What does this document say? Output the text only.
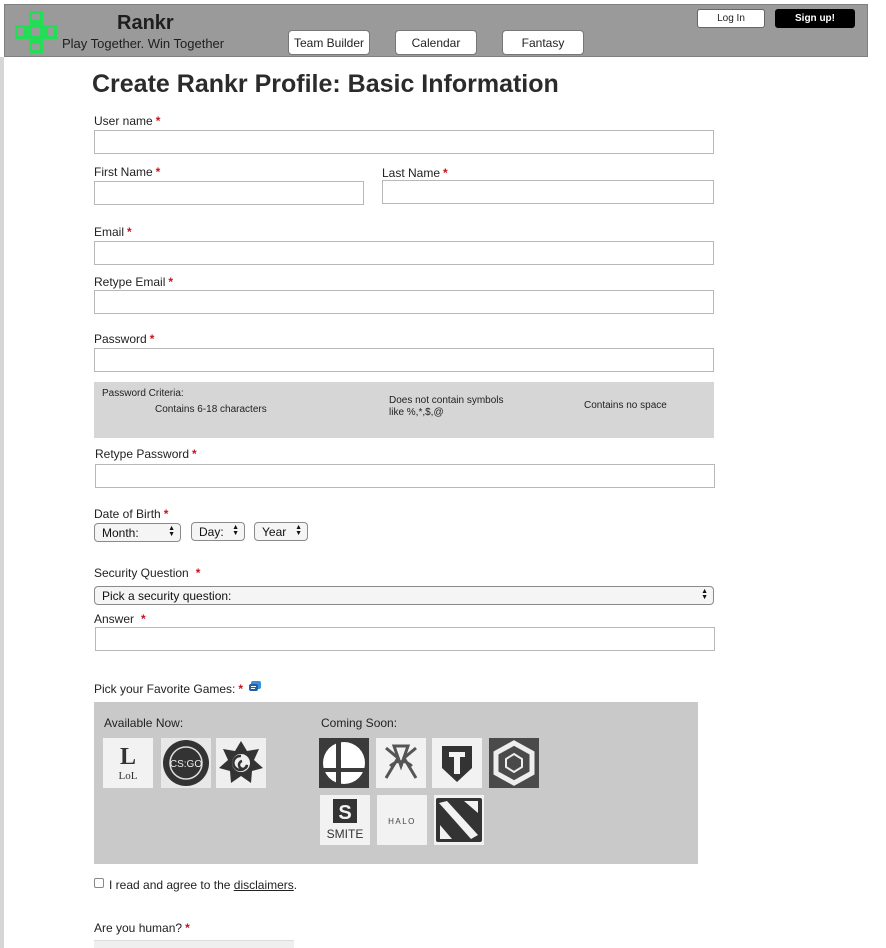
Rankr
Play Together. Win Together	Team Builder	Calendar	Fantasy
Log In	Sign up!
Create Rankr Profile: Basic Information
User name *
First Name *	Last Name *
Email *
Retype Email *
Password *
Password Criteria:
Contains 6-18 characters
Does not contain symbols
like %,*,$,@
Contains no space
Retype Password *
Date of Birth *
Month:	▲
▼ Day: ▲
▼ Year ▲
▼
Security Question *
Pick a security question:	▲
▼
Answer *
Pick your Favorite Games: *
Available Now:	Coming Soon:
L
LoL
CS:GO
S
SMITE
HALO
I read and agree to the disclaimers.
Are you human? *
